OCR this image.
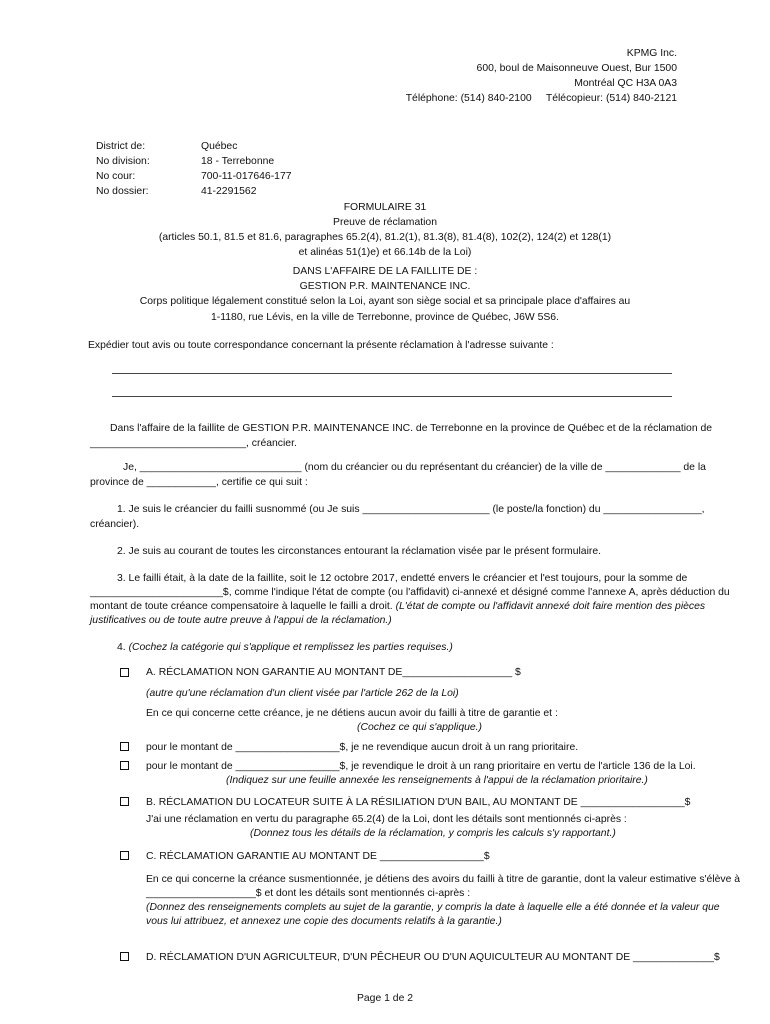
KPMG Inc.
600, boul de Maisonneuve Ouest, Bur 1500
Montréal QC H3A 0A3
Téléphone: (514) 840-2100 Télécopieur: (514) 840-2121
District de:	Québec
No division:	18 - Terrebonne
No cour:	700-11-017646-177
No dossier:	41-2291562
FORMULAIRE 31
Preuve de réclamation
(articles 50.1, 81.5 et 81.6, paragraphes 65.2(4), 81.2(1), 81.3(8), 81.4(8), 102(2), 124(2) et 128(1)
et alinéas 51(1)e) et 66.14b de la Loi)
DANS L'AFFAIRE DE LA FAILLITE DE :
GESTION P.R. MAINTENANCE INC.
Corps politique légalement constitué selon la Loi, ayant son siège social et sa principale place d'affaires au
1-1180, rue Lévis, en la ville de Terrebonne, province de Québec, J6W 5S6.
Expédier tout avis ou toute correspondance concernant la présente réclamation à l'adresse suivante :
Dans l'affaire de la faillite de GESTION P.R. MAINTENANCE INC. de Terrebonne en la province de Québec et de la réclamation de
___________________________, créancier.
Je, ____________________________ (nom du créancier ou du représentant du créancier) de la ville de _____________ de la
province de ____________, certifie ce qui suit :
1. Je suis le créancier du failli susnommé (ou Je suis ______________________ (le poste/la fonction) du _________________,
créancier).
2. Je suis au courant de toutes les circonstances entourant la réclamation visée par le présent formulaire.
3. Le failli était, à la date de la faillite, soit le 12 octobre 2017, endetté envers le créancier et l'est toujours, pour la somme de
_______________________$, comme l'indique l'état de compte (ou l'affidavit) ci-annexé et désigné comme l'annexe A, après déduction du
montant de toute créance compensatoire à laquelle le failli a droit. (L'état de compte ou l'affidavit annexé doit faire mention des pièces
justificatives ou de toute autre preuve à l'appui de la réclamation.)
4. (Cochez la catégorie qui s'applique et remplissez les parties requises.)
A. RÉCLAMATION NON GARANTIE AU MONTANT DE___________________ $
(autre qu'une réclamation d'un client visée par l'article 262 de la Loi)
En ce qui concerne cette créance, je ne détiens aucun avoir du failli à titre de garantie et :
(Cochez ce qui s'applique.)
pour le montant de __________________$, je ne revendique aucun droit à un rang prioritaire.
pour le montant de __________________$, je revendique le droit à un rang prioritaire en vertu de l'article 136 de la Loi.
(Indiquez sur une feuille annexée les renseignements à l'appui de la réclamation prioritaire.)
B. RÉCLAMATION DU LOCATEUR SUITE À LA RÉSILIATION D'UN BAIL, AU MONTANT DE __________________$
J'ai une réclamation en vertu du paragraphe 65.2(4) de la Loi, dont les détails sont mentionnés ci-après :
(Donnez tous les détails de la réclamation, y compris les calculs s'y rapportant.)
C. RÉCLAMATION GARANTIE AU MONTANT DE __________________$
En ce qui concerne la créance susmentionnée, je détiens des avoirs du failli à titre de garantie, dont la valeur estimative s'élève à
___________________$ et dont les détails sont mentionnés ci-après :
(Donnez des renseignements complets au sujet de la garantie, y compris la date à laquelle elle a été donnée et la valeur que
vous lui attribuez, et annexez une copie des documents relatifs à la garantie.)
D. RÉCLAMATION D'UN AGRICULTEUR, D'UN PÊCHEUR OU D'UN AQUICULTEUR AU MONTANT DE ______________$
Page 1 de 2
